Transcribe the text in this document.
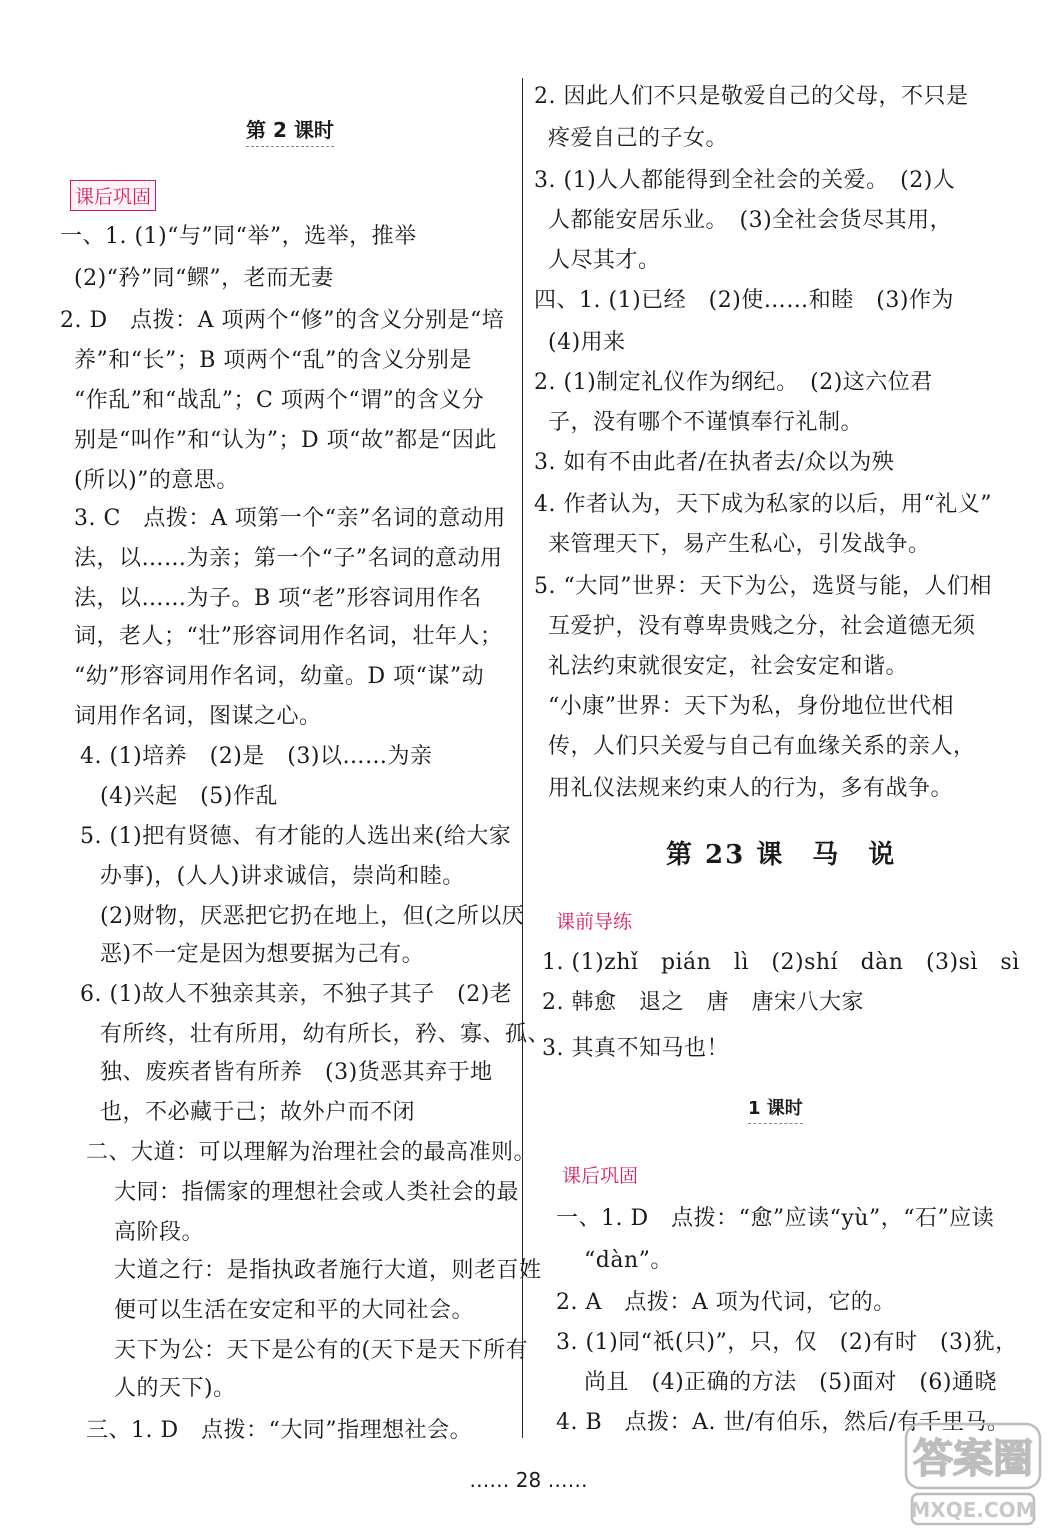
第 2 课时
课后巩固
一、1. (1)“与”同“举”，选举，推举
(2)“矜”同“鳏”，老而无妻
2. D　点拨：A 项两个“修”的含义分别是“培
养”和“长”；B 项两个“乱”的含义分别是
“作乱”和“战乱”；C 项两个“谓”的含义分
别是“叫作”和“认为”；D 项“故”都是“因此
(所以)”的意思。
3. C　点拨：A 项第一个“亲”名词的意动用
法，以……为亲；第一个“子”名词的意动用
法，以……为子。B 项“老”形容词用作名
词，老人；“壮”形容词用作名词，壮年人；
“幼”形容词用作名词，幼童。D 项“谋”动
词用作名词，图谋之心。
4. (1)培养　(2)是　(3)以……为亲
(4)兴起　(5)作乱
5. (1)把有贤德、有才能的人选出来(给大家
办事)，(人人)讲求诚信，崇尚和睦。
(2)财物，厌恶把它扔在地上，但(之所以厌
恶)不一定是因为想要据为己有。
6. (1)故人不独亲其亲，不独子其子　(2)老
有所终，壮有所用，幼有所长，矜、寡、孤、
独、废疾者皆有所养　(3)货恶其弃于地
也，不必藏于己；故外户而不闭
二、大道：可以理解为治理社会的最高准则。
大同：指儒家的理想社会或人类社会的最
高阶段。
大道之行：是指执政者施行大道，则老百姓
便可以生活在安定和平的大同社会。
天下为公：天下是公有的(天下是天下所有
人的天下)。
三、1. D　点拨：“大同”指理想社会。
2. 因此人们不只是敬爱自己的父母，不只是
疼爱自己的子女。
3. (1)人人都能得到全社会的关爱。　(2)人
人都能安居乐业。　(3)全社会货尽其用，
人尽其才。
四、1. (1)已经　(2)使……和睦　(3)作为
(4)用来
2. (1)制定礼仪作为纲纪。　(2)这六位君
子，没有哪个不谨慎奉行礼制。
3. 如有不由此者/在执者去/众以为殃
4. 作者认为，天下成为私家的以后，用“礼义”
来管理天下，易产生私心，引发战争。
5. “大同”世界：天下为公，选贤与能，人们相
互爱护，没有尊卑贵贱之分，社会道德无须
礼法约束就很安定，社会安定和谐。
“小康”世界：天下为私，身份地位世代相
传，人们只关爱与自己有血缘关系的亲人，
用礼仪法规来约束人的行为，多有战争。
第 23 课　马　说
课前导练
1. (1)zhǐ　pián　lì　(2)shí　dàn　(3)sì　sì
2. 韩愈　退之　唐　唐宋八大家
3. 其真不知马也！
1 课时
课后巩固
一、1. D　点拨：“愈”应读“yù”，“石”应读
“dàn”。
2. A　点拨：A 项为代词，它的。
3. (1)同“祇(只)”，只，仅　(2)有时　(3)犹，
尚且　(4)正确的方法　(5)面对　(6)通晓
4. B　点拨：A. 世/有伯乐，然后/有千里马。
…… 28 ……	答案圈
MXQE.COM
